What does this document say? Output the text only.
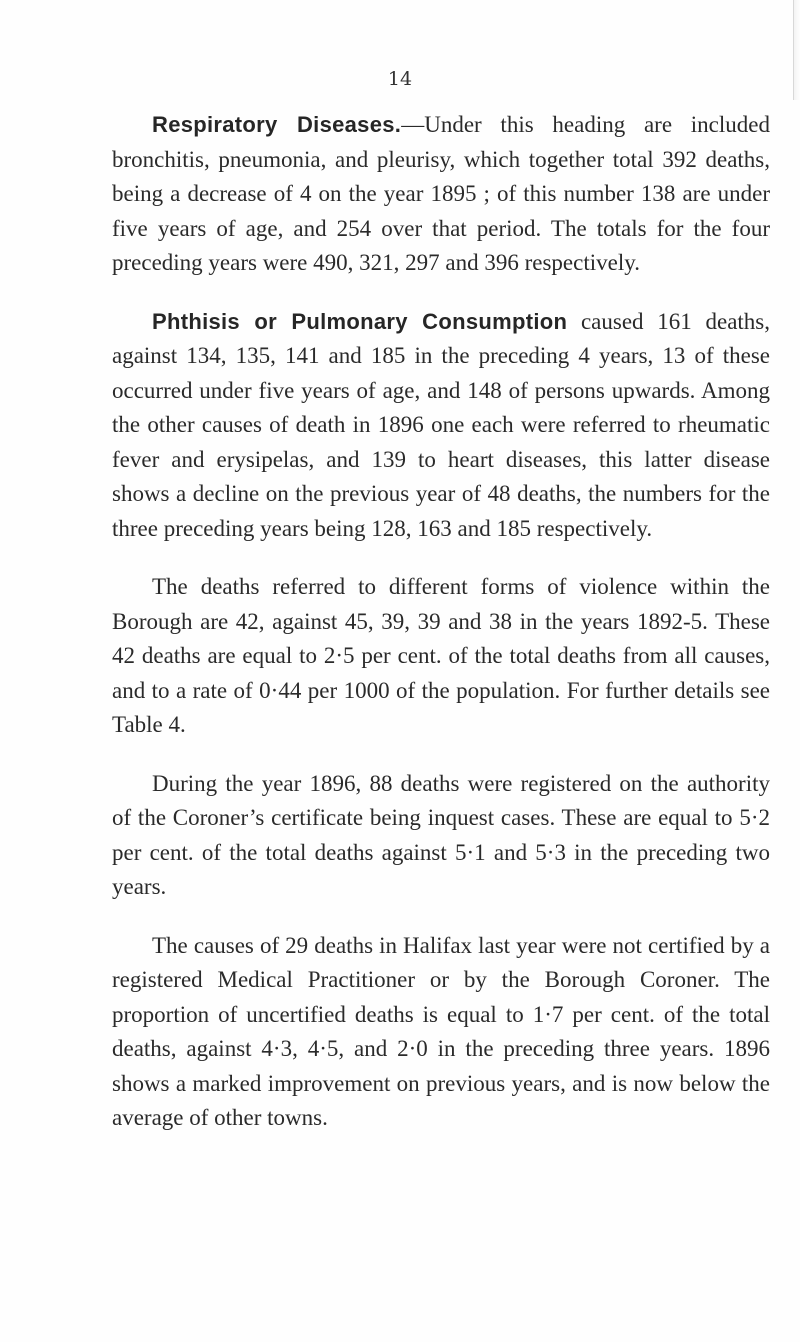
14

Respiratory Diseases.—Under this heading are included bronchitis, pneumonia, and pleurisy, which together total 392 deaths, being a decrease of 4 on the year 1895 ; of this number 138 are under five years of age, and 254 over that period. The totals for the four preceding years were 490, 321, 297 and 396 respectively.

Phthisis or Pulmonary Consumption caused 161 deaths, against 134, 135, 141 and 185 in the preceding 4 years, 13 of these occurred under five years of age, and 148 of persons upwards. Among the other causes of death in 1896 one each were referred to rheumatic fever and erysipelas, and 139 to heart diseases, this latter disease shows a decline on the previous year of 48 deaths, the numbers for the three preceding years being 128, 163 and 185 respectively.

The deaths referred to different forms of violence within the Borough are 42, against 45, 39, 39 and 38 in the years 1892-5. These 42 deaths are equal to 2·5 per cent. of the total deaths from all causes, and to a rate of 0·44 per 1000 of the population. For further details see Table 4.

During the year 1896, 88 deaths were registered on the authority of the Coroner’s certificate being inquest cases. These are equal to 5·2 per cent. of the total deaths against 5·1 and 5·3 in the preceding two years.

The causes of 29 deaths in Halifax last year were not certified by a registered Medical Practitioner or by the Borough Coroner. The proportion of uncertified deaths is equal to 1·7 per cent. of the total deaths, against 4·3, 4·5, and 2·0 in the preceding three years. 1896 shows a marked improvement on previous years, and is now below the average of other towns.
